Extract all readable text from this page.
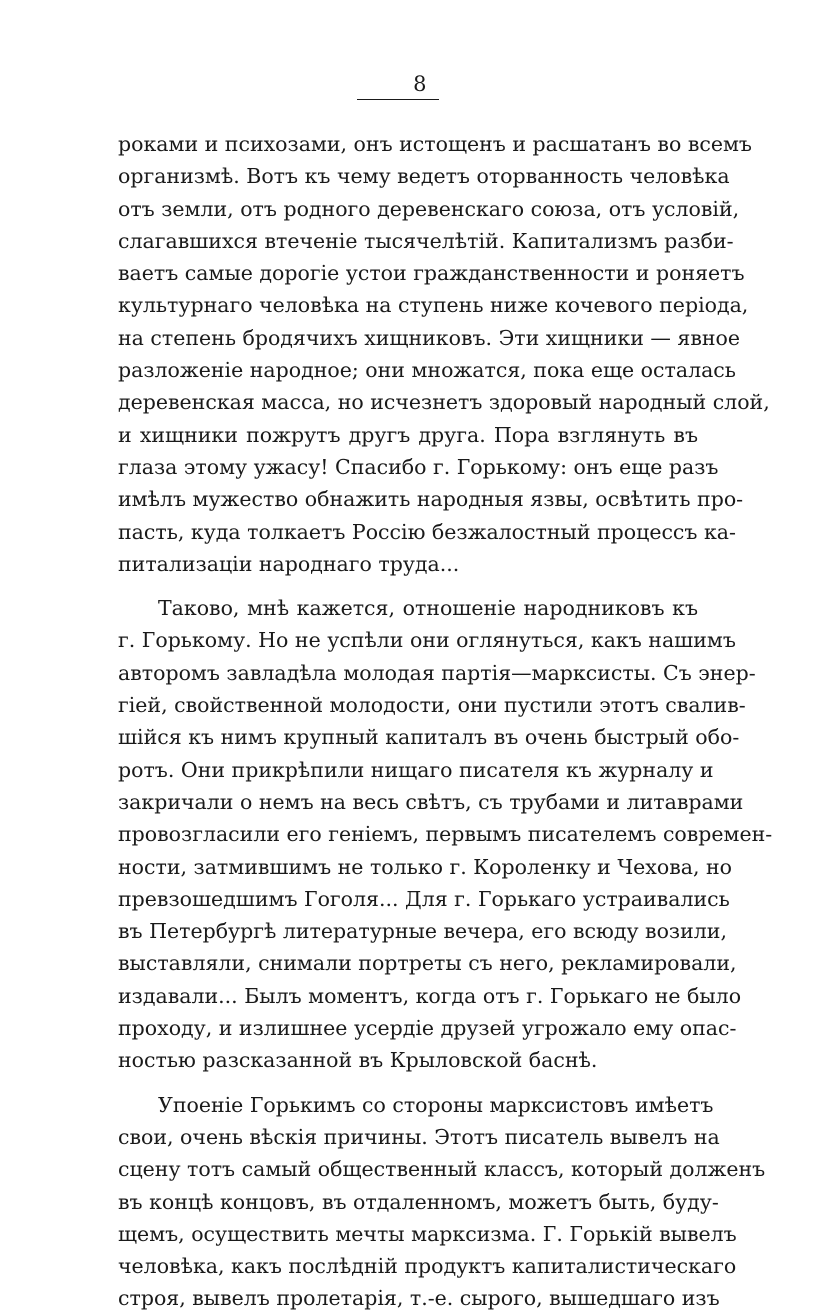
8
роками и психозами, онъ истощенъ и расшатанъ во всемъ
организмѣ. Вотъ къ чему ведетъ оторванность человѣка
отъ земли, отъ родного деревенскаго союза, отъ условій,
слагавшихся втеченіе тысячелѣтій. Капитализмъ разби-
ваетъ самые дорогіе устои гражданственности и роняетъ
культурнаго человѣка на ступень ниже кочевого періода,
на степень бродячихъ хищниковъ. Эти хищники — явное
разложеніе народное; они множатся, пока еще осталась
деревенская масса, но исчезнетъ здоровый народный слой,
и хищники пожрутъ другъ друга. Пора взглянуть въ
глаза этому ужасу! Спасибо г. Горькому: онъ еще разъ
имѣлъ мужество обнажить народныя язвы, освѣтить про-
пасть, куда толкаетъ Россію безжалостный процессъ ка-
питализаціи народнаго труда...
Таково, мнѣ кажется, отношеніе народниковъ къ
г. Горькому. Но не успѣли они оглянуться, какъ нашимъ
авторомъ завладѣла молодая партія—марксисты. Съ энер-
гіей, свойственной молодости, они пустили этотъ свалив-
шійся къ нимъ крупный капиталъ въ очень быстрый обо-
ротъ. Они прикрѣпили нищаго писателя къ журналу и
закричали о немъ на весь свѣтъ, съ трубами и литаврами
провозгласили его геніемъ, первымъ писателемъ современ-
ности, затмившимъ не только г. Короленку и Чехова, но
превзошедшимъ Гоголя... Для г. Горькаго устраивались
въ Петербургѣ литературные вечера, его всюду возили,
выставляли, снимали портреты съ него, рекламировали,
издавали... Былъ моментъ, когда отъ г. Горькаго не было
проходу, и излишнее усердіе друзей угрожало ему опас-
ностью разсказанной въ Крыловской баснѣ.
Упоеніе Горькимъ со стороны марксистовъ имѣетъ
свои, очень вѣскія причины. Этотъ писатель вывелъ на
сцену тотъ самый общественный классъ, который долженъ
въ концѣ концовъ, въ отдаленномъ, можетъ быть, буду-
щемъ, осуществить мечты марксизма. Г. Горькій вывелъ
человѣка, какъ послѣдній продуктъ капиталистическаго
строя, вывелъ пролетарія, т.-е. сырого, вышедшаго изъ
